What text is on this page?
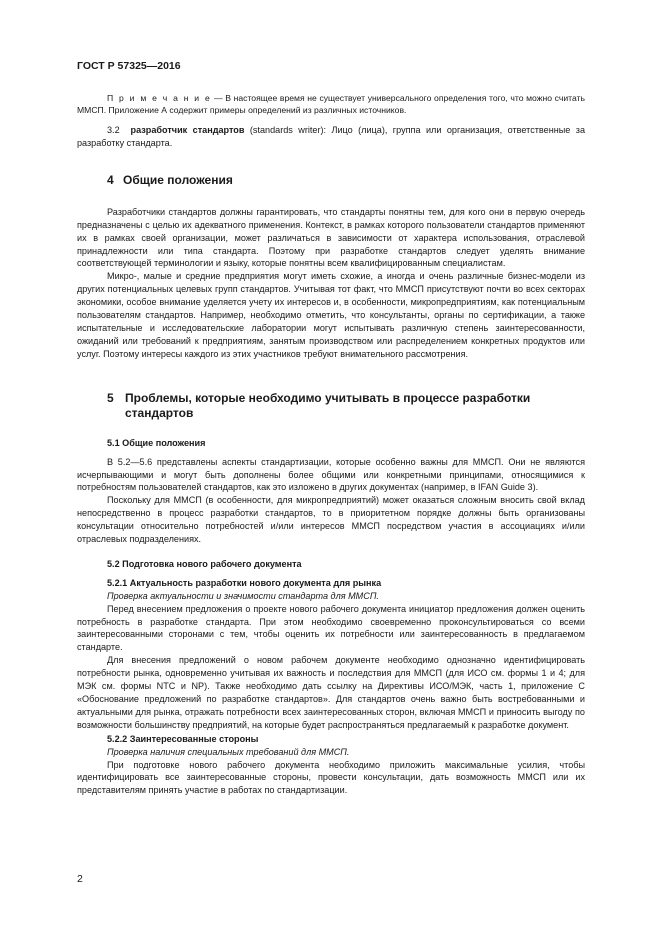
ГОСТ Р 57325—2016

П р и м е ч а н и е — В настоящее время не существует универсального определения того, что можно считать ММСП. Приложение А содержит примеры определений из различных источников.

3.2 разработчик стандартов (standards writer): Лицо (лица), группа или организация, ответственные за разработку стандарта.

4 Общие положения

Разработчики стандартов должны гарантировать, что стандарты понятны тем, для кого они в первую очередь предназначены с целью их адекватного применения. Контекст, в рамках которого пользователи стандартов применяют их в рамках своей организации, может различаться в зависимости от характера использования, отраслевой принадлежности или типа стандарта. Поэтому при разработке стандартов следует уделять внимание соответствующей терминологии и языку, которые понятны всем квалифицированным специалистам.

Микро-, малые и средние предприятия могут иметь схожие, а иногда и очень различные бизнес-модели из других потенциальных целевых групп стандартов. Учитывая тот факт, что ММСП присутствуют почти во всех секторах экономики, особое внимание уделяется учету их интересов и, в особенности, микропредприятиям, как потенциальным пользователям стандартов. Например, необходимо отметить, что консультанты, органы по сертификации, а также испытательные и исследовательские лаборатории могут испытывать различную степень заинтересованности, ожиданий или требований к предприятиям, занятым производством или распределением конкретных продуктов или услуг. Поэтому интересы каждого из этих участников требуют внимательного рассмотрения.

5 Проблемы, которые необходимо учитывать в процессе разработки стандартов
5.1 Общие положения

В 5.2—5.6 представлены аспекты стандартизации, которые особенно важны для ММСП. Они не являются исчерпывающими и могут быть дополнены более общими или конкретными принципами, относящимися к потребностям пользователей стандартов, как это изложено в других документах (например, в IFAN Guide 3).

Поскольку для ММСП (в особенности, для микропредприятий) может оказаться сложным вносить свой вклад непосредственно в процесс разработки стандартов, то в приоритетном порядке должны быть организованы консультации относительно потребностей и/или интересов ММСП посредством участия в ассоциациях и/или отраслевых подразделениях.

5.2 Подготовка нового рабочего документа
5.2.1 Актуальность разработки нового документа для рынка

Проверка актуальности и значимости стандарта для ММСП.

Перед внесением предложения о проекте нового рабочего документа инициатор предложения должен оценить потребность в разработке стандарта. При этом необходимо своевременно проконсультироваться со всеми заинтересованными сторонами с тем, чтобы оценить их потребности или заинтересованность в предлагаемом стандарте.

Для внесения предложений о новом рабочем документе необходимо однозначно идентифицировать потребности рынка, одновременно учитывая их важность и последствия для ММСП (для ИСО см. формы 1 и 4; для МЭК см. формы NTC и NP). Также необходимо дать ссылку на Директивы ИСО/МЭК, часть 1, приложение С «Обоснование предложений по разработке стандартов». Для стандартов очень важно быть востребованными и актуальными для рынка, отражать потребности всех заинтересованных сторон, включая ММСП и приносить выгоду по возможности большинству предприятий, на которые будет распространяться предлагаемый к разработке документ.

5.2.2 Заинтересованные стороны

Проверка наличия специальных требований для ММСП.

При подготовке нового рабочего документа необходимо приложить максимальные усилия, чтобы идентифицировать все заинтересованные стороны, провести консультации, дать возможность ММСП или их представителям принять участие в работах по стандартизации.

2
